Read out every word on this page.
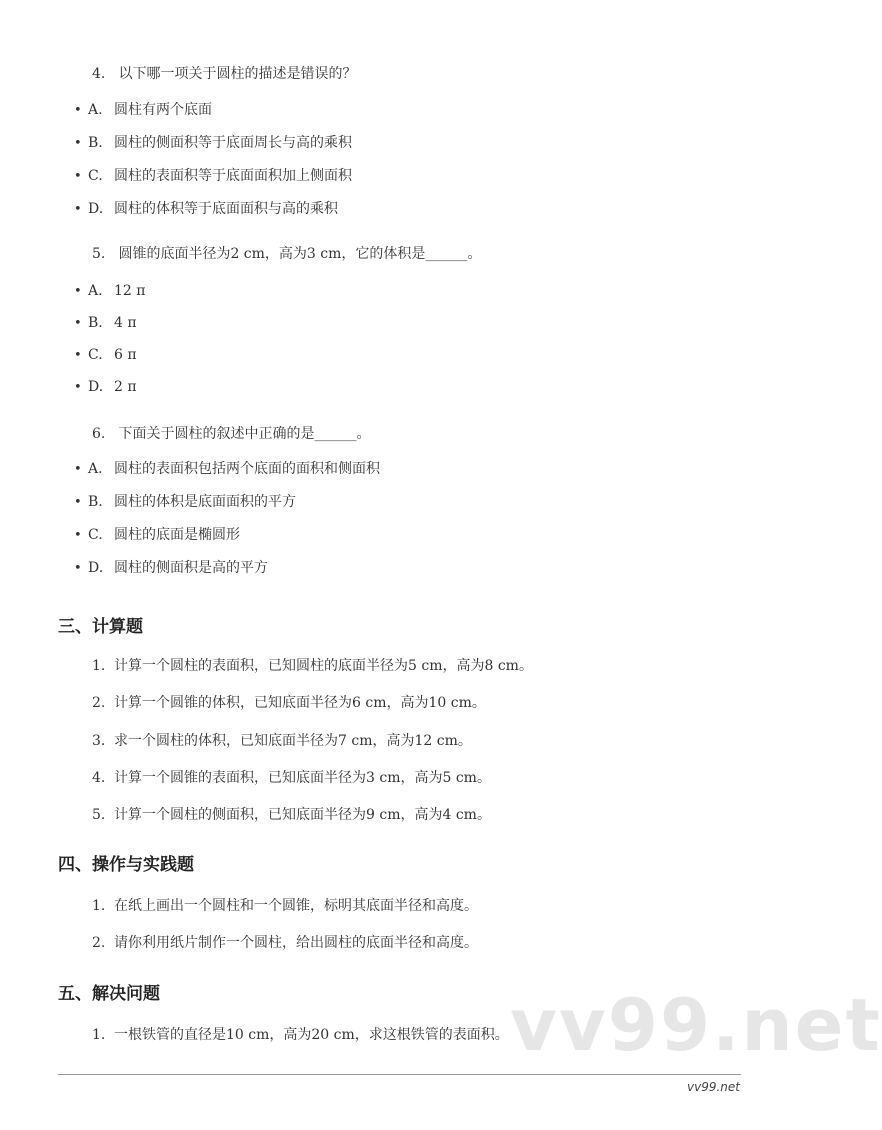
4. 以下哪一项关于圆柱的描述是错误的？
• A. 圆柱有两个底面
• B. 圆柱的侧面积等于底面周长与高的乘积
• C. 圆柱的表面积等于底面面积加上侧面积
• D. 圆柱的体积等于底面面积与高的乘积
5. 圆锥的底面半径为2 cm，高为3 cm，它的体积是______。
• A. 12 π
• B. 4 π
• C. 6 π
• D. 2 π
6. 下面关于圆柱的叙述中正确的是______。
• A. 圆柱的表面积包括两个底面的面积和侧面积
• B. 圆柱的体积是底面面积的平方
• C. 圆柱的底面是椭圆形
• D. 圆柱的侧面积是高的平方
三、计算题
1. 计算一个圆柱的表面积，已知圆柱的底面半径为5 cm，高为8 cm。
2. 计算一个圆锥的体积，已知底面半径为6 cm，高为10 cm。
3. 求一个圆柱的体积，已知底面半径为7 cm，高为12 cm。
4. 计算一个圆锥的表面积，已知底面半径为3 cm，高为5 cm。
5. 计算一个圆柱的侧面积，已知底面半径为9 cm，高为4 cm。
四、操作与实践题
1. 在纸上画出一个圆柱和一个圆锥，标明其底面半径和高度。
2. 请你利用纸片制作一个圆柱，给出圆柱的底面半径和高度。
五、解决问题
1. 一根铁管的直径是10 cm，高为20 cm，求这根铁管的表面积。 vv99.net
vv99.net
